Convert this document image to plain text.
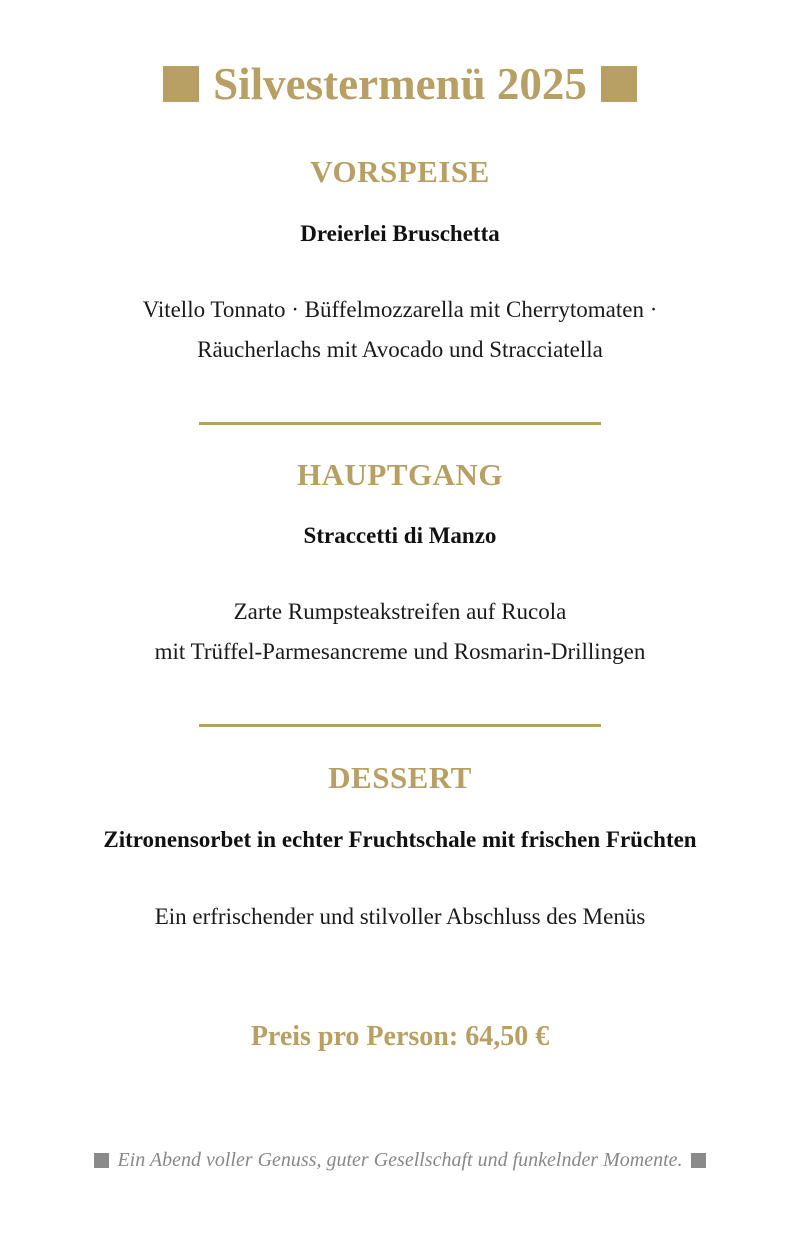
Silvestermenü 2025
VORSPEISE
Dreierlei Bruschetta
Vitello Tonnato · Büffelmozzarella mit Cherrytomaten ·
Räucherlachs mit Avocado und Stracciatella
HAUPTGANG
Straccetti di Manzo
Zarte Rumpsteakstreifen auf Rucola
mit Trüffel-Parmesancreme und Rosmarin-Drillingen
DESSERT
Zitronensorbet in echter Fruchtschale mit frischen Früchten
Ein erfrischender und stilvoller Abschluss des Menüs
Preis pro Person: 64,50 €
Ein Abend voller Genuss, guter Gesellschaft und funkelnder Momente.
